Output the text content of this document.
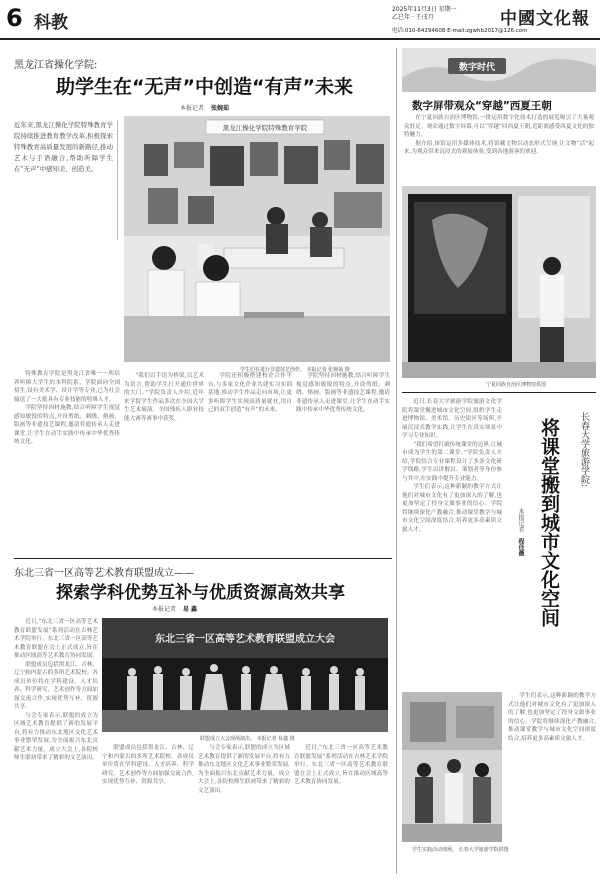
6 科教
2025年11月3日 星期一
乙巳年 · 壬戌月	中國文化報
电话:010-64294608 E-mail:zgwhb2017@126.com
黑龙江省操化学院:
助学生在“无声”中创造“有声”未来
本报记者 张婉茹
近年来,黑龙江操化学院特殊教育学院持续推进教育教学改革,积极探索特殊教育高质量发展的新路径,推动艺术与手语融合,帮助听障学生在“无声”中感知美、创造美。
黑龙江操化学院特殊教育学院
学生们在进行非遗技艺创作。 本报记者 张婉茹 摄

特殊教育学院是黑龙江省唯一一所培养听障大学生的本科院系。学院面向全国招生,设有美术学、设计学等专业,已为社会输送了一大批具有专业技能的特殊人才。

学院坚持因材施教,结合听障学生视觉感知敏锐的特点,开设剪纸、刺绣、烙画、版画等非遗技艺课程,邀请非遗传承人走进课堂,让学生在动手实践中传承中华优秀传统文化。

“我们以手语为桥梁,以艺术为语言,帮助学生打开通往世界的大门。”学院负责人介绍,近年来学院学生作品多次在全国大学生艺术展演、全国残疾人职业技能大赛等赛事中获奖。

学院还积极搭建校企合作平台,与多家文化企业共建实习实训基地,推动学生作品走向市场,让更多听障学生实现高质量就业,用自己的双手创造“有声”的未来。

学院坚持因材施教,结合听障学生视觉感知敏锐的特点,开设剪纸、刺绣、烙画、版画等非遗技艺课程,邀请非遗传承人走进课堂,让学生在动手实践中传承中华优秀传统文化。

东北三省一区高等艺术教育联盟成立——
探索学科优势互补与优质资源高效共享
本报记者 易 鑫

近日,“东北三省一区高等艺术教育联盟发展”系列活动在吉林艺术学院举行。东北三省一区高等艺术教育联盟在会上正式成立,旨在推动区域高等艺术教育协同发展。

联盟成员包括黑龙江、吉林、辽宁和内蒙古的多所艺术院校。各成员单位将在学科建设、人才培养、科学研究、艺术创作等方面加强交流合作,实现优势互补、资源共享。

与会专家表示,联盟的成立为区域艺术教育提供了新的发展平台,将有力推动东北地区文化艺术事业繁荣发展,为全面振兴东北贡献艺术力量。成立大会上,各院校师生联袂带来了精彩的文艺演出。

东北三省一区高等艺术教育联盟成立大会
联盟成立大会现场演出。 本报记者 易鑫 摄

联盟成员包括黑龙江、吉林、辽宁和内蒙古的多所艺术院校。各成员单位将在学科建设、人才培养、科学研究、艺术创作等方面加强交流合作,实现优势互补、资源共享。

与会专家表示,联盟的成立为区域艺术教育提供了新的发展平台,将有力推动东北地区文化艺术事业繁荣发展,为全面振兴东北贡献艺术力量。成立大会上,各院校师生联袂带来了精彩的文艺演出。

近日,“东北三省一区高等艺术教育联盟发展”系列活动在吉林艺术学院举行。东北三省一区高等艺术教育联盟在会上正式成立,旨在推动区域高等艺术教育协同发展。

数字时代
数字屏带观众“穿越”西夏王朝

在宁夏回族自治区博物馆,一批运用数字化技术打造的展览吸引了大量观众驻足。观众通过数字屏幕,可以“穿越”回西夏王朝,近距离感受西夏文化的独特魅力。

据介绍,该馆运用多媒体技术,将馆藏文物以动态形式呈现,让文物“活”起来,为观众带来沉浸式的观展体验,受到各地游客的欢迎。

宁夏回族自治区博物馆供图

近日,长春大学旅游学院旅游文化学院将课堂搬进城市文化空间,组织学生走进博物馆、美术馆、历史街区等场所,开展沉浸式教学实践,让学生在真实场景中学习专业知识。

“我们希望打破传统课堂的边界,让城市成为学生的第二课堂。”学院负责人介绍,学院结合专业课程设计了多条文化研学线路,学生以讲解员、策划者等身份参与其中,在实践中提升专业能力。

学生们表示,这种新颖的教学方式让他们对城市文化有了更加深入的了解,也更加坚定了投身文旅事业的信心。学院将继续深化产教融合,推动课堂教学与城市文化空间深度结合,培养更多高素质文旅人才。

长春大学旅游学院:
将课堂搬到城市文化空间
本报记者 程佳薇

学生们表示,这种新颖的教学方式让他们对城市文化有了更加深入的了解,也更加坚定了投身文旅事业的信心。学院将继续深化产教融合,推动课堂教学与城市文化空间深度结合,培养更多高素质文旅人才。

学生实践活动现场。 长春大学旅游学院供图
